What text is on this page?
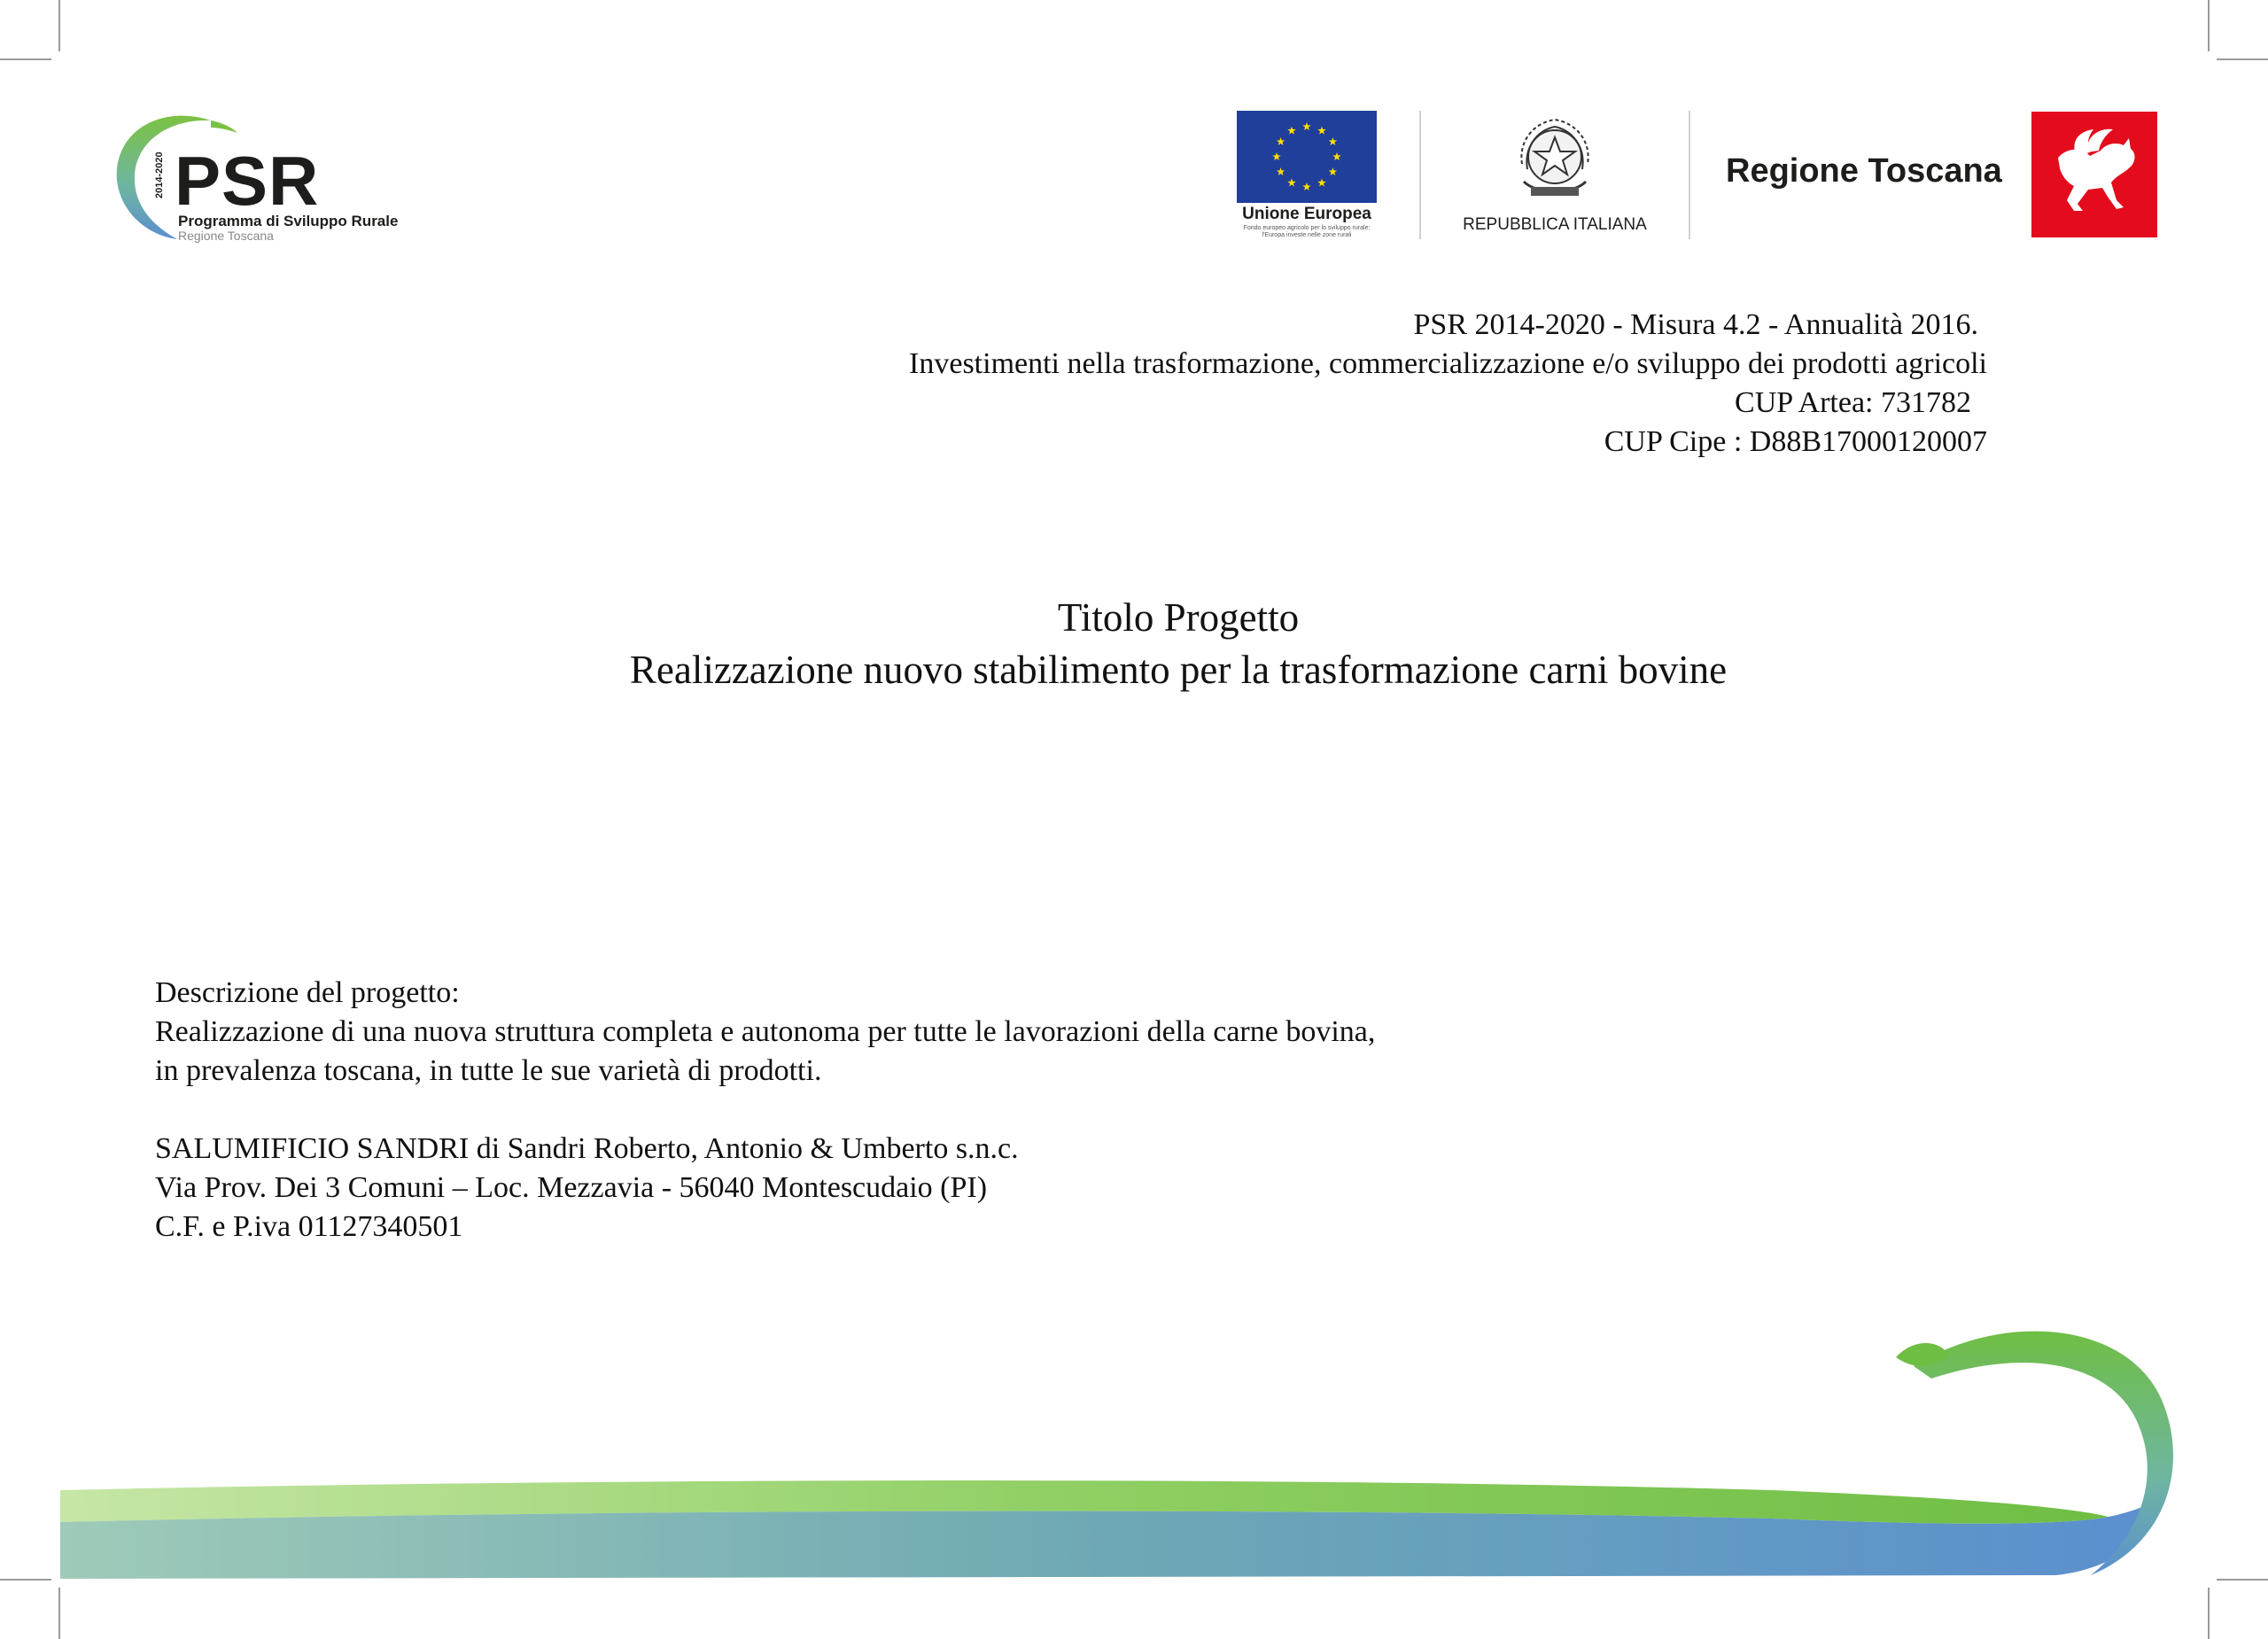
PSR
2014-2020
Programma di Sviluppo Rurale
Regione Toscana
Unione Europea
Fondo europeo agricolo per lo sviluppo rurale:
l'Europa investe nelle zone rurali
REPUBBLICA ITALIANA
Regione Toscana
PSR 2014-2020 - Misura 4.2 - Annualità 2016.
Investimenti nella trasformazione, commercializzazione e/o sviluppo dei prodotti agricoli
CUP Artea: 731782
CUP Cipe : D88B17000120007
Titolo Progetto
Realizzazione nuovo stabilimento per la trasformazione carni bovine
Descrizione del progetto:
Realizzazione di una nuova struttura completa e autonoma per tutte le lavorazioni della carne bovina,
in prevalenza toscana, in tutte le sue varietà di prodotti.
SALUMIFICIO SANDRI di Sandri Roberto, Antonio & Umberto s.n.c.
Via Prov. Dei 3 Comuni – Loc. Mezzavia - 56040 Montescudaio (PI)
C.F. e P.iva 01127340501
